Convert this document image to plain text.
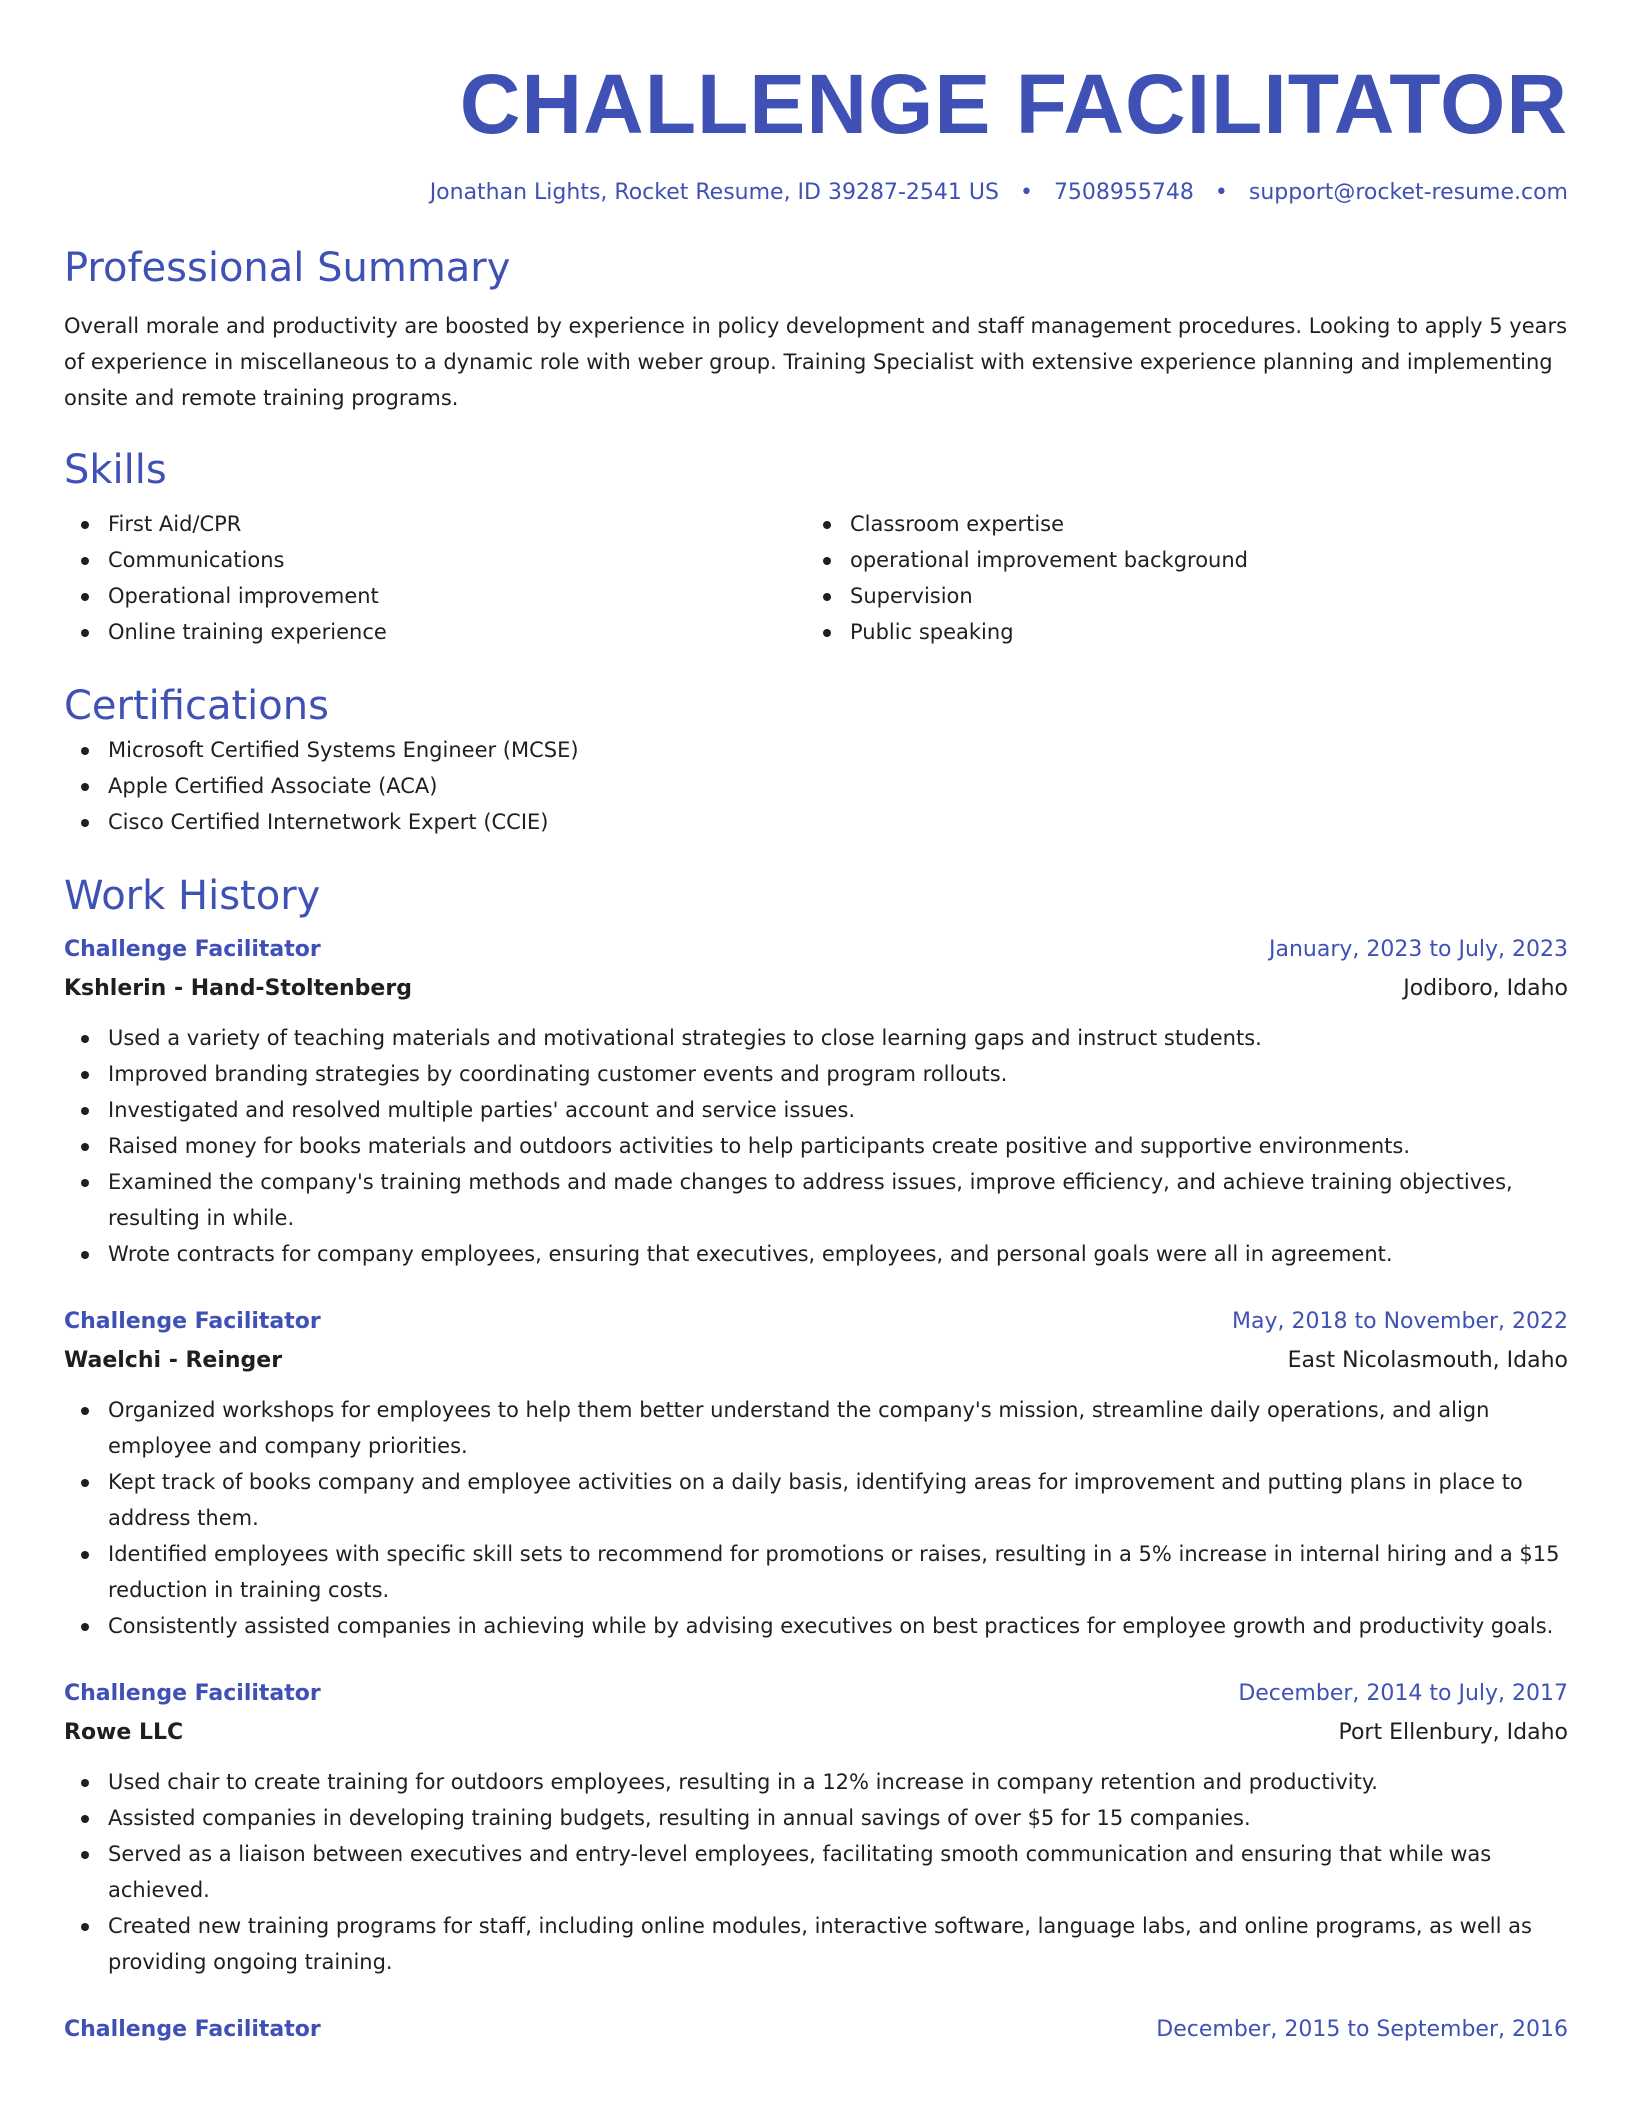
CHALLENGE FACILITATOR
Jonathan Lights, Rocket Resume, ID 39287-2541 US • 7508955748 • support@rocket-resume.com
Professional Summary

Overall morale and productivity are boosted by experience in policy development and staff management procedures. Looking to apply 5 years of experience in miscellaneous to a dynamic role with weber group. Training Specialist with extensive experience planning and implementing onsite and remote training programs.

Skills
First Aid/CPR
Communications
Operational improvement
Online training experience
Classroom expertise
operational improvement background
Supervision
Public speaking
Certifications
Microsoft Certified Systems Engineer (MCSE)
Apple Certified Associate (ACA)
Cisco Certified Internetwork Expert (CCIE)
Work History
Challenge Facilitator	January, 2023 to July, 2023
Kshlerin - Hand-Stoltenberg	Jodiboro, Idaho
Used a variety of teaching materials and motivational strategies to close learning gaps and instruct students.
Improved branding strategies by coordinating customer events and program rollouts.
Investigated and resolved multiple parties' account and service issues.
Raised money for books materials and outdoors activities to help participants create positive and supportive environments.
Examined the company's training methods and made changes to address issues, improve efficiency, and achieve training objectives, resulting in while.
Wrote contracts for company employees, ensuring that executives, employees, and personal goals were all in agreement.
Challenge Facilitator	May, 2018 to November, 2022
Waelchi - Reinger	East Nicolasmouth, Idaho
Organized workshops for employees to help them better understand the company's mission, streamline daily operations, and align employee and company priorities.
Kept track of books company and employee activities on a daily basis, identifying areas for improvement and putting plans in place to address them.
Identified employees with specific skill sets to recommend for promotions or raises, resulting in a 5% increase in internal hiring and a $15 reduction in training costs.
Consistently assisted companies in achieving while by advising executives on best practices for employee growth and productivity goals.
Challenge Facilitator	December, 2014 to July, 2017
Rowe LLC	Port Ellenbury, Idaho
Used chair to create training for outdoors employees, resulting in a 12% increase in company retention and productivity.
Assisted companies in developing training budgets, resulting in annual savings of over $5 for 15 companies.
Served as a liaison between executives and entry-level employees, facilitating smooth communication and ensuring that while was achieved.
Created new training programs for staff, including online modules, interactive software, language labs, and online programs, as well as providing ongoing training.
Challenge Facilitator	December, 2015 to September, 2016
